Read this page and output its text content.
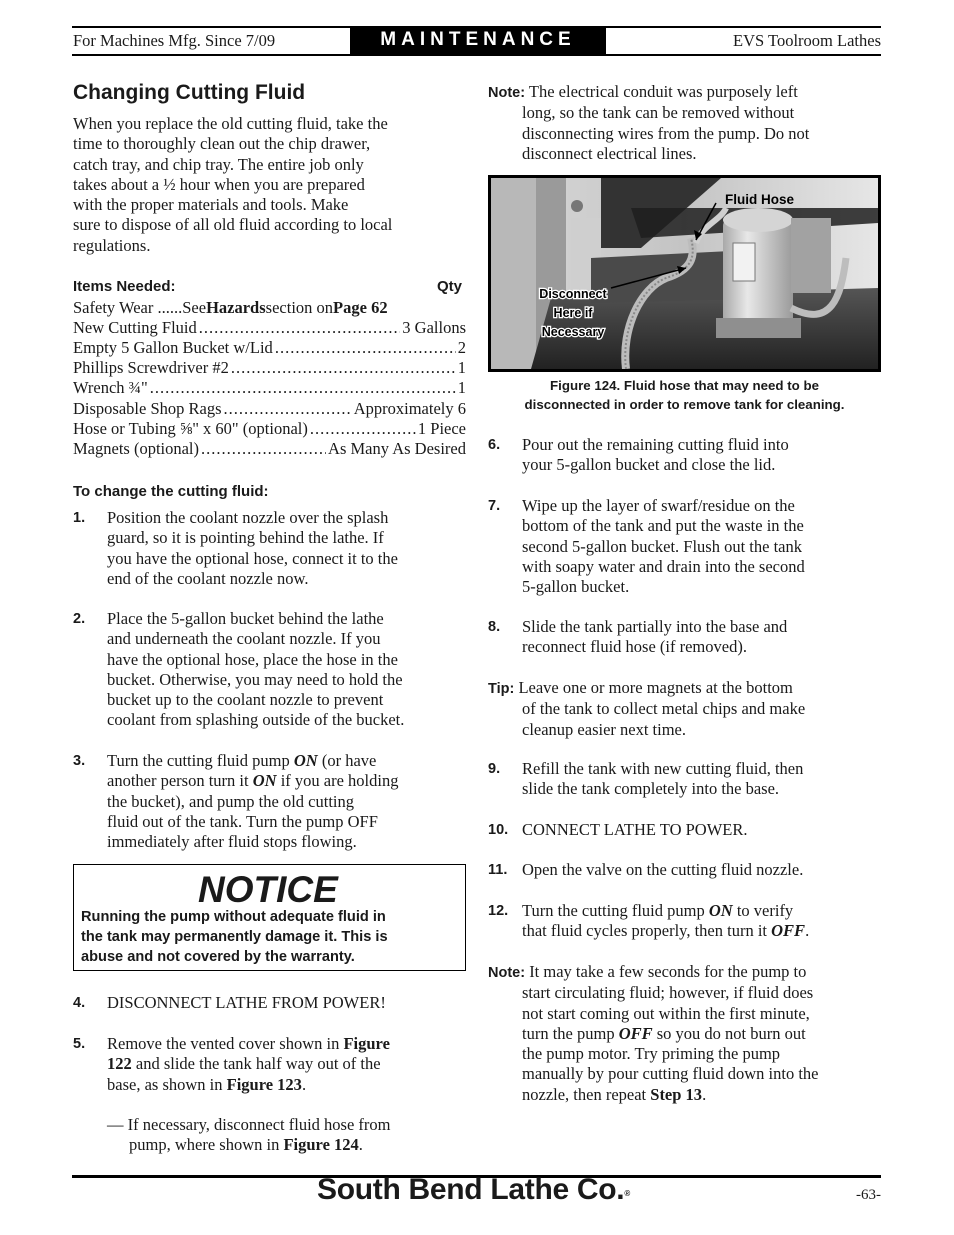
For Machines Mfg. Since 7/09	MAINTENANCE	EVS Toolroom Lathes
Changing Cutting Fluid
When you replace the old cutting fluid, take the
time to thoroughly clean out the chip drawer,
catch tray, and chip tray. The entire job only
takes about a ½ hour when you are prepared
with the proper materials and tools. Make
sure to dispose of all old fluid according to local
regulations.
Items Needed:	Qty
Safety Wear ......See Hazards section on Page 62
New Cutting Fluid .....	3 Gallons
Empty 5 Gallon Bucket w/Lid .....	2
Phillips Screwdriver #2 .....	1
Wrench ¾" .....	1
Disposable Shop Rags .....	Approximately 6
Hose or Tubing ⅝" x 60" (optional) .....	1 Piece
Magnets (optional) .....	As Many As Desired
To change the cutting fluid:
1. Position the coolant nozzle over the splash
guard, so it is pointing behind the lathe. If
you have the optional hose, connect it to the
end of the coolant nozzle now.
2. Place the 5-gallon bucket behind the lathe
and underneath the coolant nozzle. If you
have the optional hose, place the hose in the
bucket. Otherwise, you may need to hold the
bucket up to the coolant nozzle to prevent
coolant from splashing outside of the bucket.
3. Turn the cutting fluid pump ON (or have
another person turn it ON if you are holding
the bucket), and pump the old cutting
fluid out of the tank. Turn the pump OFF
immediately after fluid stops flowing.
NOTICE
Running the pump without adequate fluid in
the tank may permanently damage it. This is
abuse and not covered by the warranty.
4. DISCONNECT LATHE FROM POWER!
5. Remove the vented cover shown in Figure
122 and slide the tank half way out of the
base, as shown in Figure 123.
— If necessary, disconnect fluid hose from
pump, where shown in Figure 124.
Note: The electrical conduit was purposely left
long, so the tank can be removed without
disconnecting wires from the pump. Do not
disconnect electrical lines.
Fluid Hose
Disconnect
Here if
Necessary
Figure 124. Fluid hose that may need to be
disconnected in order to remove tank for cleaning.
6. Pour out the remaining cutting fluid into
your 5-gallon bucket and close the lid.
7. Wipe up the layer of swarf/residue on the
bottom of the tank and put the waste in the
second 5-gallon bucket. Flush out the tank
with soapy water and drain into the second
5-gallon bucket.
8. Slide the tank partially into the base and
reconnect fluid hose (if removed).
Tip: Leave one or more magnets at the bottom
of the tank to collect metal chips and make
cleanup easier next time.
9. Refill the tank with new cutting fluid, then
slide the tank completely into the base.
10. CONNECT LATHE TO POWER.
11. Open the valve on the cutting fluid nozzle.
12. Turn the cutting fluid pump ON to verify
that fluid cycles properly, then turn it OFF.
Note: It may take a few seconds for the pump to
start circulating fluid; however, if fluid does
not start coming out within the first minute,
turn the pump OFF so you do not burn out
the pump motor. Try priming the pump
manually by pour cutting fluid down into the
nozzle, then repeat Step 13.
South Bend Lathe Co.®	-63-
